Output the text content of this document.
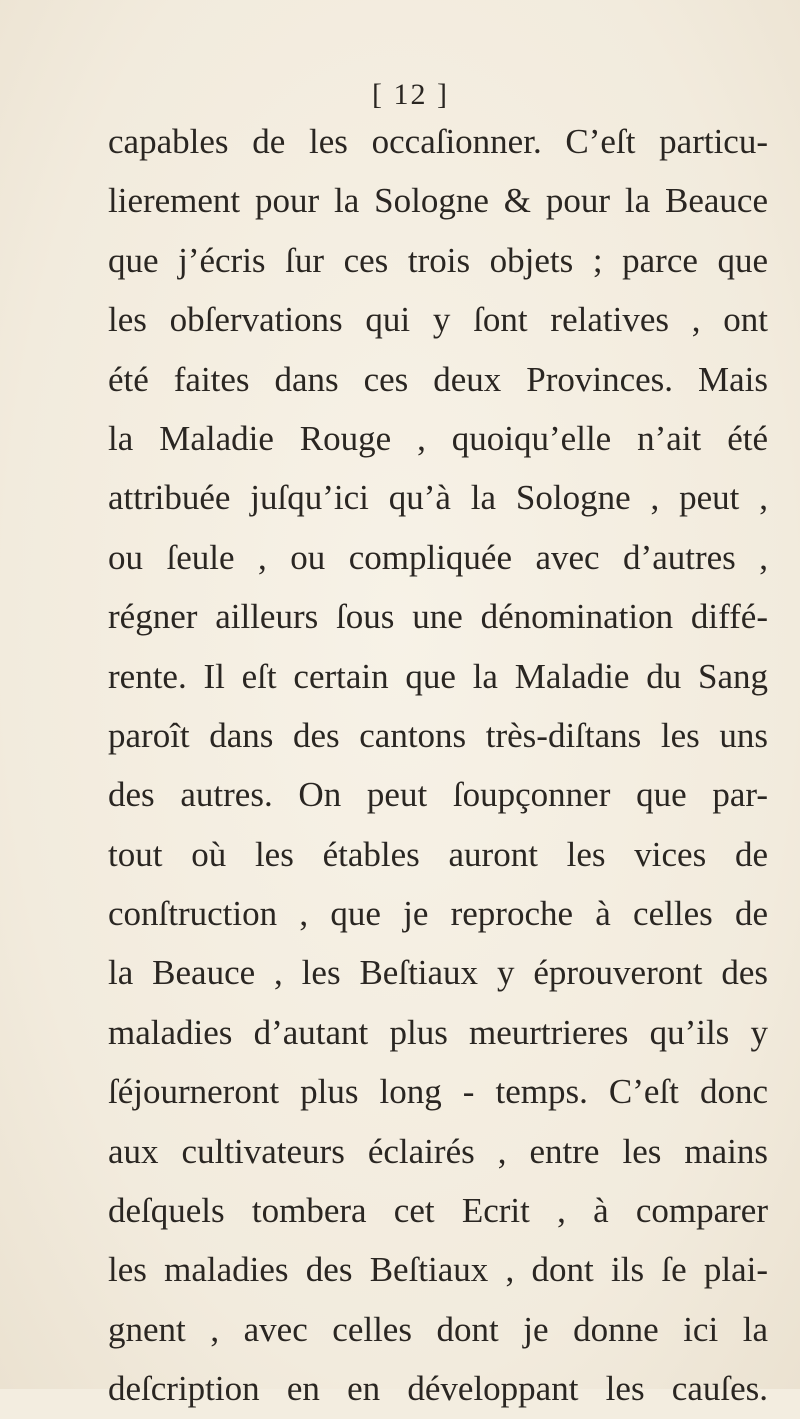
[ 12 ]
capables de les occaſionner. C’eſt particu-
lierement pour la Sologne & pour la Beauce
que j’écris ſur ces trois objets ; parce que
les obſervations qui y ſont relatives , ont
été faites dans ces deux Provinces. Mais
la Maladie Rouge , quoiqu’elle n’ait été
attribuée juſqu’ici qu’à la Sologne , peut ,
ou ſeule , ou compliquée avec d’autres ,
régner ailleurs ſous une dénomination diffé-
rente. Il eſt certain que la Maladie du Sang
paroît dans des cantons très-diſtans les uns
des autres. On peut ſoupçonner que par-
tout où les étables auront les vices de
conſtruction , que je reproche à celles de
la Beauce , les Beſtiaux y éprouveront des
maladies d’autant plus meurtrieres qu’ils y
ſéjourneront plus long - temps. C’eſt donc
aux cultivateurs éclairés , entre les mains
deſquels tombera cet Ecrit , à comparer
les maladies des Beſtiaux , dont ils ſe plai-
gnent , avec celles dont je donne ici la
deſcription en en développant les cauſes.
